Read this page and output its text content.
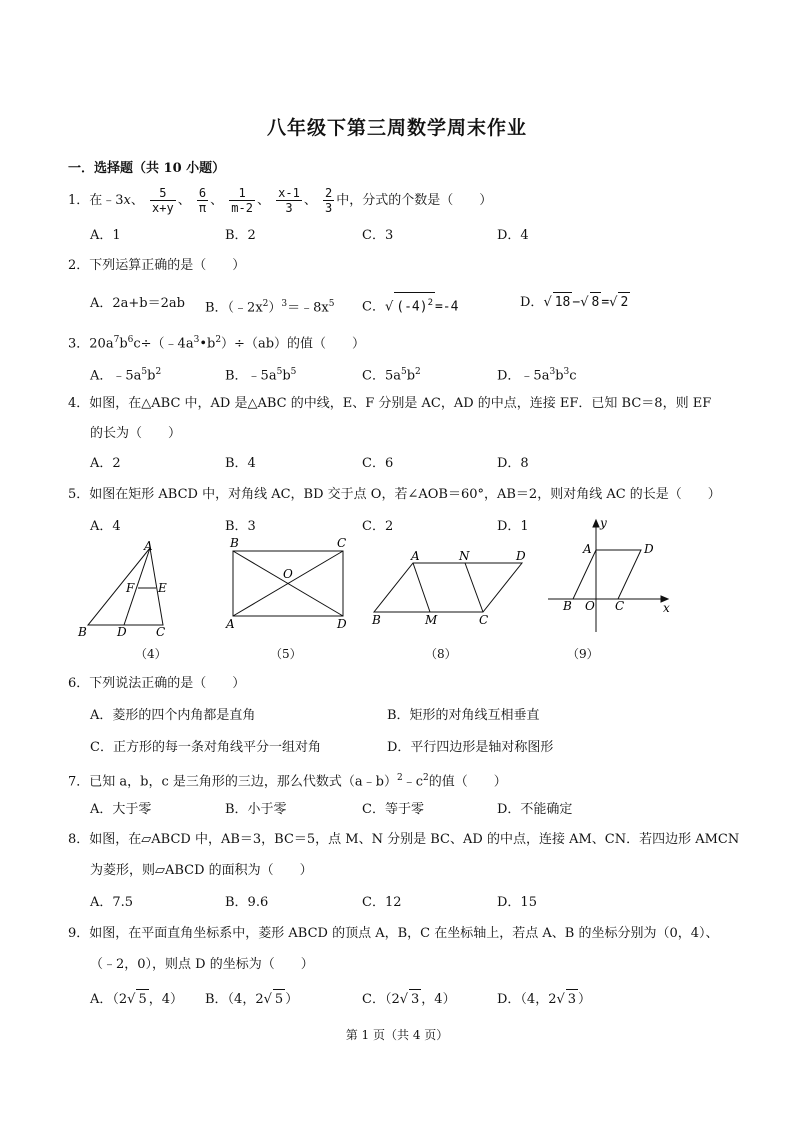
八年级下第三周数学周末作业
一．选择题（共 10 小题）
1．在﹣3x、 $\frac{5}{x+y}$ 、 $\frac{6}{\pi}$ 、 $\frac{1}{m-2}$ 、 $\frac{x-1}{3}$ 、 $\frac{2}{3}$ 中，分式的个数是（　　）
A．1	B．2	C．3	D．4
2．下列运算正确的是（　　）
A．2a+b＝2ab B．$(﹣2x^2)^3=﹣8x^5$ C．√ $(-4)^2 =-4$	D．√ 18 −√ 8 =√ 2
3．$20a^7b^6c\div(﹣4a^3•b^2)\div(ab)$的值（　　）
A．$﹣5a^5b^2$	B．$﹣5a^5b^5$	C．$5a^5b^2$	D．$﹣5a^3b^3c$
4．如图，在△ABC 中，AD 是△ABC 的中线，E、F 分别是 AC，AD 的中点，连接 EF．已知 BC＝8，则 EF
的长为（　　）
A．2	B．4	C．6	D．8
5．如图在矩形 ABCD 中，对角线 AC，BD 交于点 O，若∠AOB＝60°，AB＝2，则对角线 AC 的长是（　　）
A．4	B．3	C．2	D．1
A
B	C
D
E
F
B	C
A	D
O
A	N	D
B	M	C
y
x
A	D
B O C
（4）	（5）	（8）	（9）
6．下列说法正确的是（　　）
A．菱形的四个内角都是直角	B．矩形的对角线互相垂直
C．正方形的每一条对角线平分一组对角	D．平行四边形是轴对称图形
7．已知 a，b，c 是三角形的三边，那么代数式$(a﹣b)^2﹣c^2$的值（　　）
A．大于零	B．小于零	C．等于零	D．不能确定
8．如图，在▱ABCD 中，AB＝3，BC＝5，点 M、N 分别是 BC、AD 的中点，连接 AM、CN．若四边形 AMCN
为菱形，则▱ABCD 的面积为（　　）
A．7.5	B．9.6	C．12	D．15
9．如图，在平面直角坐标系中，菱形 ABCD 的顶点 A，B，C 在坐标轴上，若点 A、B 的坐标分别为（0，4）、
（﹣2，0），则点 D 的坐标为（　　）
A．（2√ 5 ，4） B．（4，2√ 5 ）	C．（2√ 3 ，4）	D．（4，2√ 3 ）
第 1 页（共 4 页）
